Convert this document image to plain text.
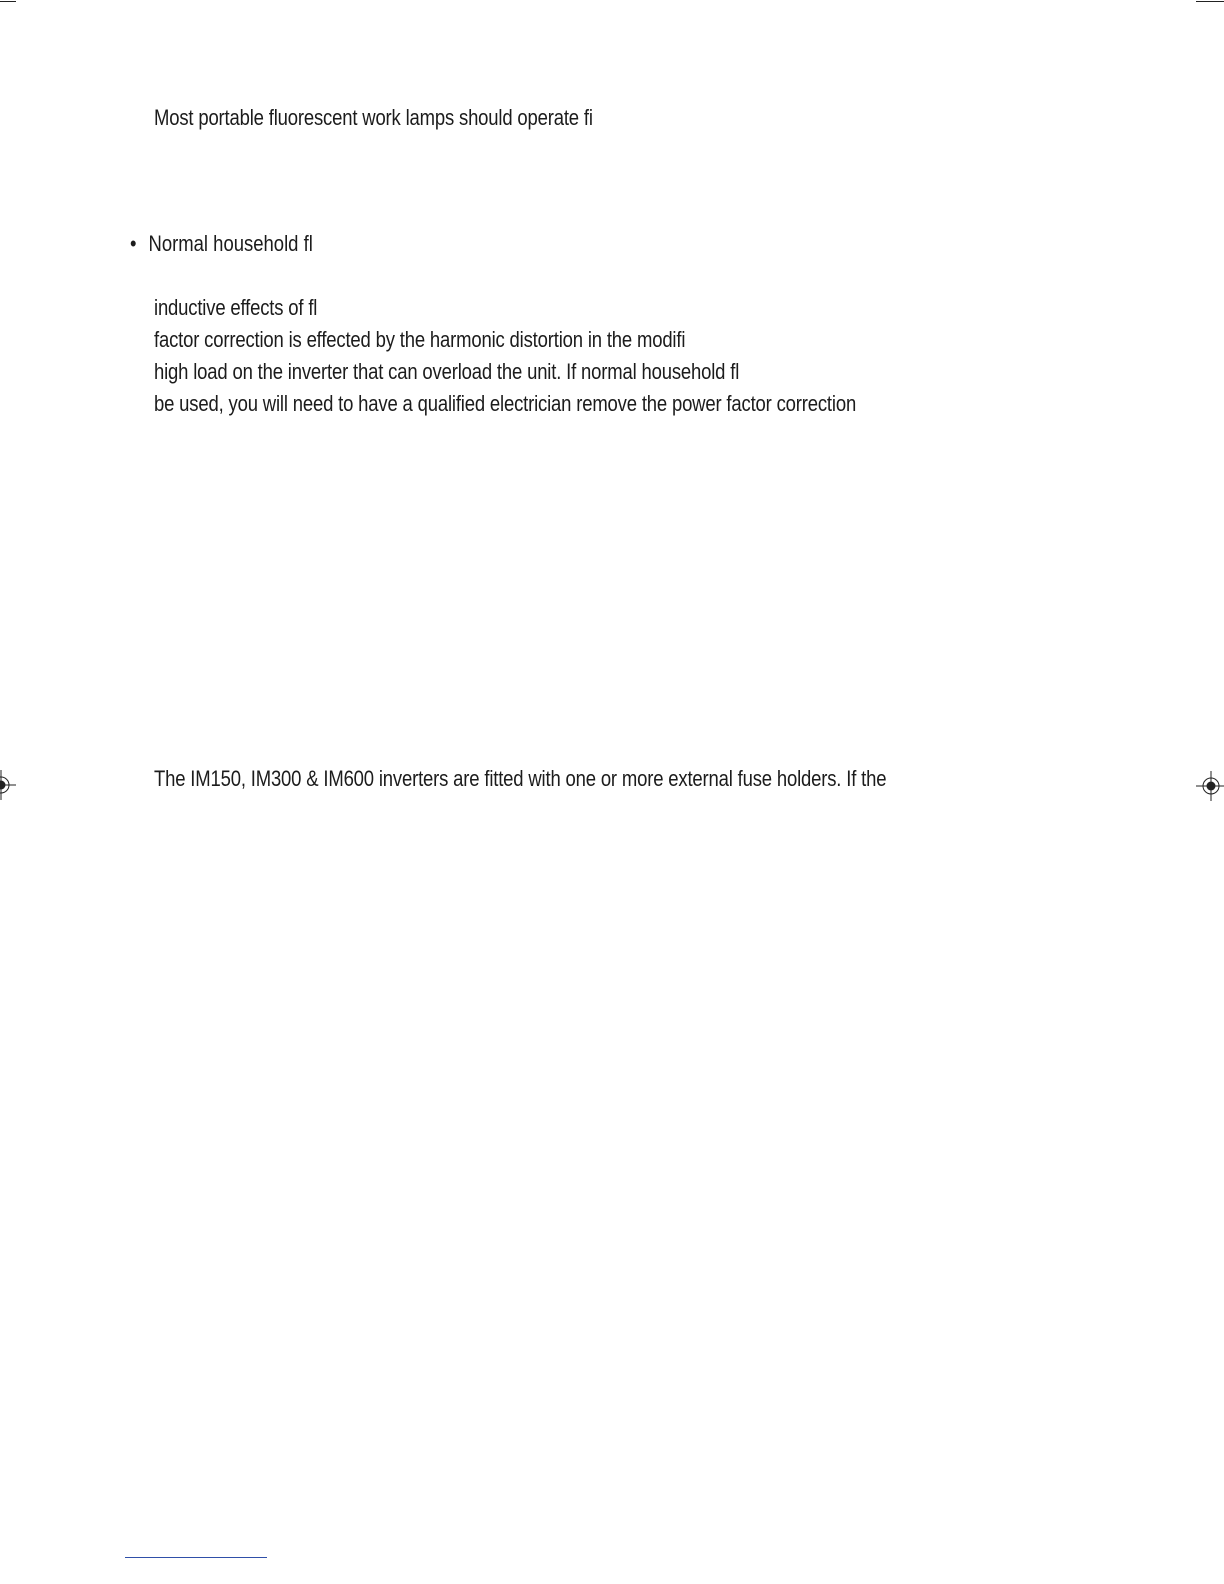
Most portable fluorescent work lamps should operate fi
• Normal household fl
inductive effects of fl
factor correction is effected by the harmonic distortion in the modifi
high load on the inverter that can overload the unit. If normal household fl
be used, you will need to have a qualified electrician remove the power factor correction
The IM150, IM300 & IM600 inverters are fitted with one or more external fuse holders. If the
